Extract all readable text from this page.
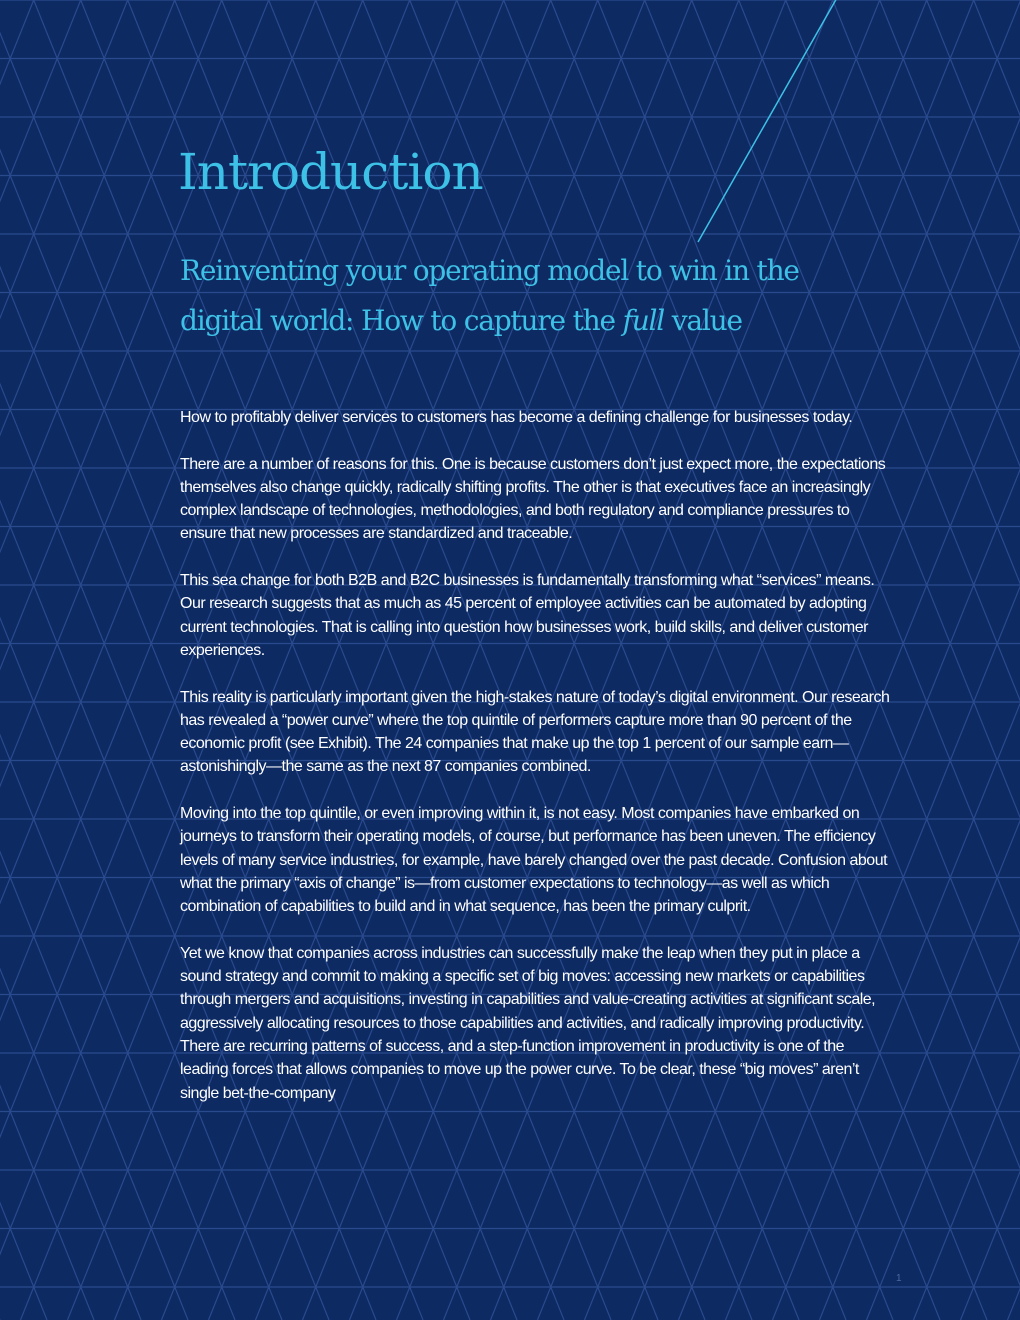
Introduction
Reinventing your operating model to win in the digital world: How to capture the full value

How to profitably deliver services to customers has become a defining challenge for businesses today.

There are a number of reasons for this. One is because customers don’t just expect more, the expectations themselves also change quickly, radically shifting profits. The other is that executives face an increasingly complex landscape of technologies, methodologies, and both regulatory and compliance pressures to ensure that new processes are standardized and traceable.

This sea change for both B2B and B2C businesses is fundamentally transforming what “services” means. Our research suggests that as much as 45 percent of employee activities can be automated by adopting current technologies. That is calling into question how businesses work, build skills, and deliver customer experiences.

This reality is particularly important given the high-stakes nature of today’s digital environment. Our research has revealed a “power curve” where the top quintile of performers capture more than 90 percent of the economic profit (see Exhibit). The 24 companies that make up the top 1 percent of our sample earn—astonishingly—the same as the next 87 companies combined.

Moving into the top quintile, or even improving within it, is not easy. Most companies have embarked on journeys to transform their operating models, of course, but performance has been uneven. The efficiency levels of many service industries, for example, have barely changed over the past decade. Confusion about what the primary “axis of change” is—from customer expectations to technology—as well as which combination of capabilities to build and in what sequence, has been the primary culprit.

Yet we know that companies across industries can successfully make the leap when they put in place a sound strategy and commit to making a specific set of big moves: accessing new markets or capabilities through mergers and acquisitions, investing in capabilities and value-creating activities at significant scale, aggressively allocating resources to those capabilities and activities, and radically improving productivity. There are recurring patterns of success, and a step-function improvement in productivity is one of the leading forces that allows companies to move up the power curve. To be clear, these “big moves” aren’t single bet-the-company

1
